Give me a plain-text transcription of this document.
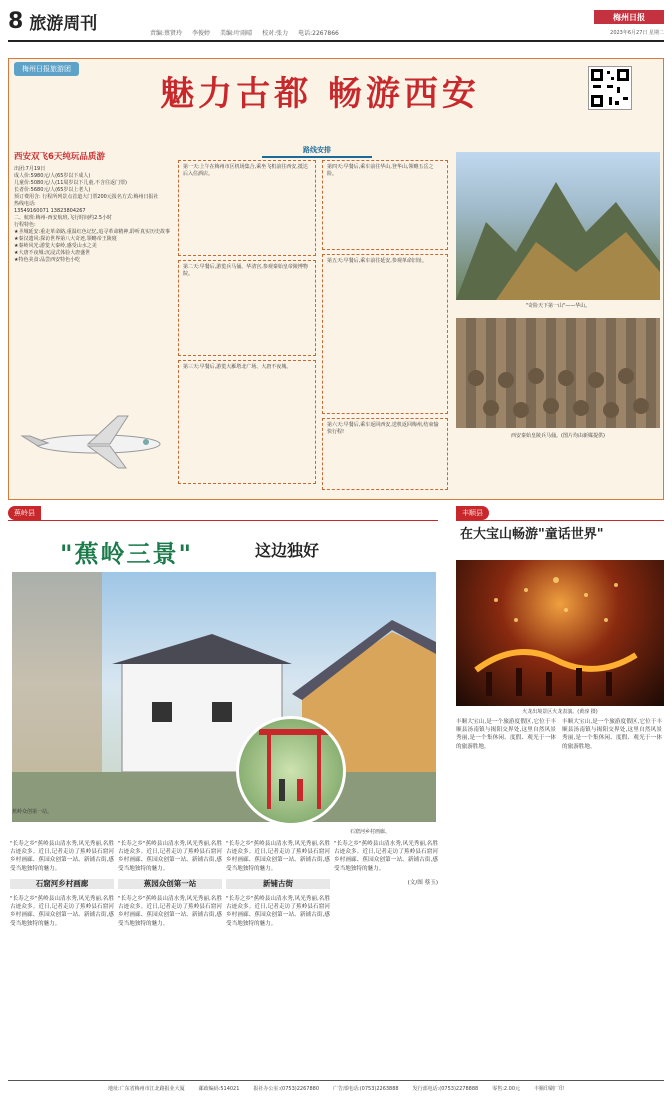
8 旅游周刊	责编:蔡贤玲 李俊婷 美编:叶雨晴 校对:张力 电话:2267866
梅州日报
2023年6月27日 星期二
梅州日报旅游团
魅力古都 畅游西安
西安双飞6天纯玩品质游
出团:7月19日
成人价:5980元/人(65岁以下成人)
儿童价:5080元/人(11周岁以下儿童,不含往返门票)
长者价:5680元/人(65岁以上老人)
预订费用含: 行程所列景点首道大门票200元报名方式:梅州日报社
热线电话:
13549160071 13823804267
二、航班:梅州-西安航班,飞行时间约2.5小时
行程特色:
★圣城延安:重走革命路,重温红色记忆,追寻革命精神,聆听真实历史故事
★秦汉遗风:探访世界第八大奇迹,领略帝王陵寝
★秦岭风光:游览大秦岭,感受山水之美
★大唐不夜城:沉浸式体验大唐盛世
★特色美食:品尝西安特色小吃
路线安排
第一天:上午在梅州市区机场集合,乘坐飞机前往西安,抵达后入住酒店。
第二天:早餐后,游览兵马俑、华清宫,参观秦始皇帝陵博物院。
第三天:早餐后,游览大雁塔北广场、大唐不夜城。
第四天:早餐后,乘车前往华山,登华山,领略五岳之险。
第五天:早餐后,乘车前往延安,参观革命旧址。
第六天:早餐后,乘车返回西安,送机返回梅州,结束愉快行程!
"奇险天下第一山"——华山。
西安秦始皇陵兵马俑。(图片均由新媒提供)
蕉岭县
"蕉岭三景"	这边独好
蕉岭众创第一站。
石窟河乡村画廊。
"长寿之乡"蕉岭县山清水秀,风光秀丽,名胜古迹众多。近日,记者走访了蕉岭县石窟河乡村画廊、蕉园众创第一站、新铺古街,感受当地独特的魅力。
石窟河乡村画廊
"长寿之乡"蕉岭县山清水秀,风光秀丽,名胜古迹众多。近日,记者走访了蕉岭县石窟河乡村画廊、蕉园众创第一站、新铺古街,感受当地独特的魅力。
"长寿之乡"蕉岭县山清水秀,风光秀丽,名胜古迹众多。近日,记者走访了蕉岭县石窟河乡村画廊、蕉园众创第一站、新铺古街,感受当地独特的魅力。
蕉园众创第一站
"长寿之乡"蕉岭县山清水秀,风光秀丽,名胜古迹众多。近日,记者走访了蕉岭县石窟河乡村画廊、蕉园众创第一站、新铺古街,感受当地独特的魅力。
"长寿之乡"蕉岭县山清水秀,风光秀丽,名胜古迹众多。近日,记者走访了蕉岭县石窟河乡村画廊、蕉园众创第一站、新铺古街,感受当地独特的魅力。
新铺古街
"长寿之乡"蕉岭县山清水秀,风光秀丽,名胜古迹众多。近日,记者走访了蕉岭县石窟河乡村画廊、蕉园众创第一站、新铺古街,感受当地独特的魅力。
"长寿之乡"蕉岭县山清水秀,风光秀丽,名胜古迹众多。近日,记者走访了蕉岭县石窟河乡村画廊、蕉园众创第一站、新铺古街,感受当地独特的魅力。
(文/图 蔡玉)
丰顺县
在大宝山畅游"童话世界"
火龙出境景区火龙表演。(黄淳 摄)
丰顺大宝山,是一个旅游度假区,它位于丰顺县汤南镇与揭阳交界处,这里自然风景秀丽,是一个集休闲、度假、观光于一体的旅游胜地。
丰顺大宝山,是一个旅游度假区,它位于丰顺县汤南镇与揭阳交界处,这里自然风景秀丽,是一个集休闲、度假、观光于一体的旅游胜地。
地址:广东省梅州市江北路报业大厦	邮政编码:514021	报社办公室:(0753)2267880	广告部电话:(0753)2263888	发行部电话:(0753)2278888	零售:2.00元	丰顺印刷厂印
